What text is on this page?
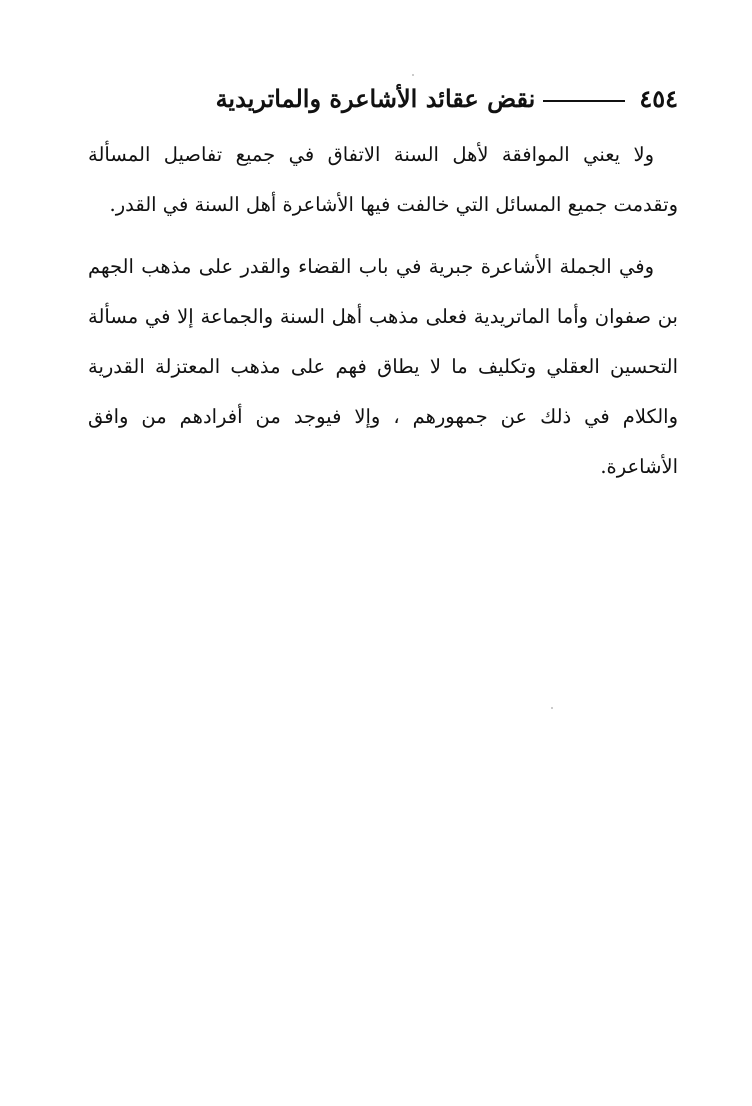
٤٥٤
نقض عقائد الأشاعرة والماتريدية

ولا يعني الموافقة لأهل السنة الاتفاق في جميع تفاصيل المسألة وتقدمت جميع المسائل التي خالفت فيها الأشاعرة أهل السنة في القدر.

وفي الجملة الأشاعرة جبرية في باب القضاء والقدر على مذهب الجهم بن صفوان وأما الماتريدية فعلى مذهب أهل السنة والجماعة إلا في مسألة التحسين العقلي وتكليف ما لا يطاق فهم على مذهب المعتزلة القدرية والكلام في ذلك عن جمهورهم ، وإلا فيوجد من أفرادهم من وافق الأشاعرة.
